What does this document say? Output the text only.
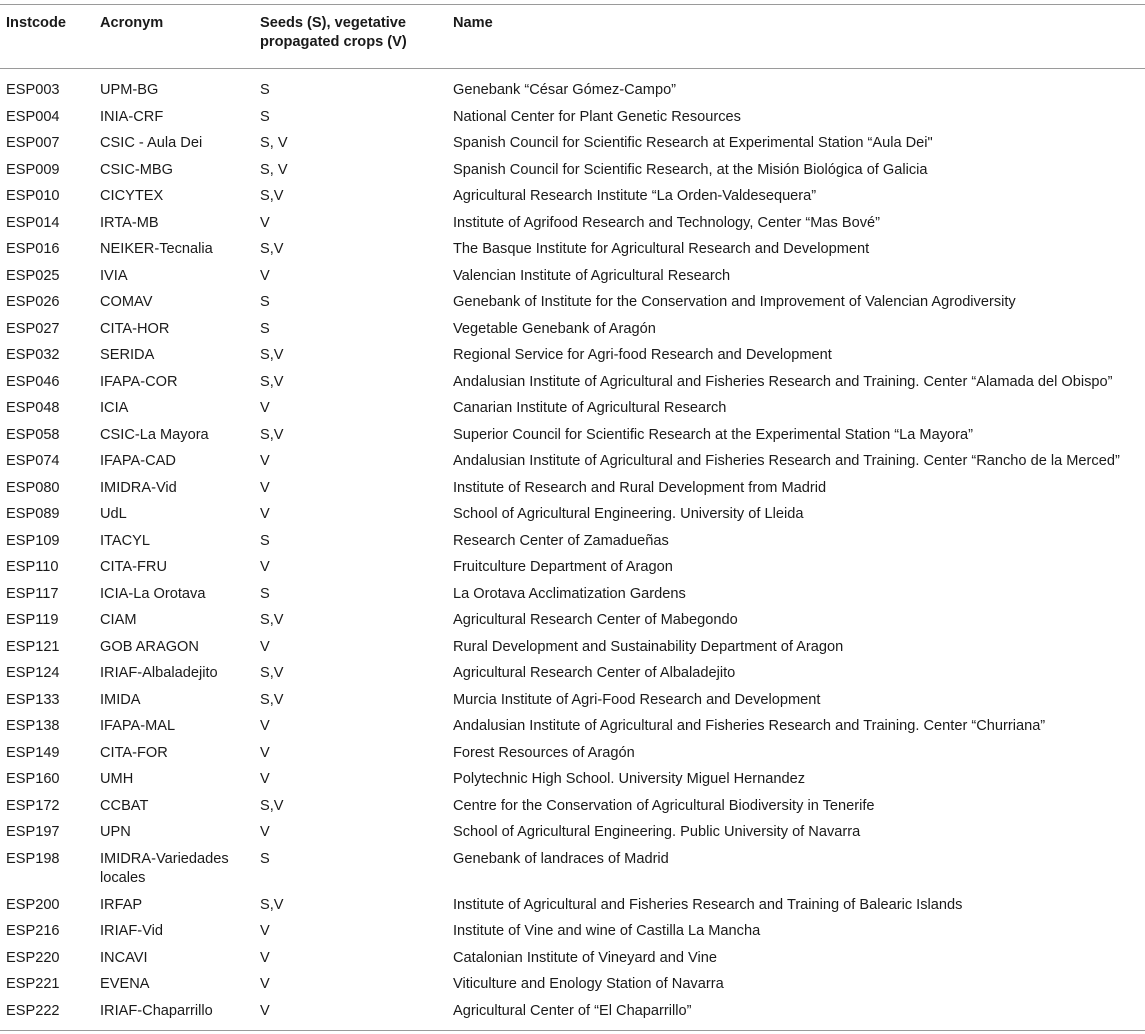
Instcode	Acronym	Seeds (S), vegetative propagated crops (V)	Name
ESP003	UPM-BG	S	Genebank “César Gómez-Campo”
ESP004	INIA-CRF	S	National Center for Plant Genetic Resources
ESP007	CSIC - Aula Dei	S, V	Spanish Council for Scientific Research at Experimental Station “Aula Dei"
ESP009	CSIC-MBG	S, V	Spanish Council for Scientific Research, at the Misión Biológica of Galicia
ESP010	CICYTEX	S,V	Agricultural Research Institute “La Orden-Valdesequera”
ESP014	IRTA-MB	V	Institute of Agrifood Research and Technology, Center “Mas Bové”
ESP016	NEIKER-Tecnalia	S,V	The Basque Institute for Agricultural Research and Development
ESP025	IVIA	V	Valencian Institute of Agricultural Research
ESP026	COMAV	S	Genebank of Institute for the Conservation and Improvement of Valencian Agrodiversity
ESP027	CITA-HOR	S	Vegetable Genebank of Aragón
ESP032	SERIDA	S,V	Regional Service for Agri-food Research and Development
ESP046	IFAPA-COR	S,V	Andalusian Institute of Agricultural and Fisheries Research and Training. Center “Alamada del Obispo”
ESP048	ICIA	V	Canarian Institute of Agricultural Research
ESP058	CSIC-La Mayora	S,V	Superior Council for Scientific Research at the Experimental Station “La Mayora”
ESP074	IFAPA-CAD	V	Andalusian Institute of Agricultural and Fisheries Research and Training. Center “Rancho de la Merced”
ESP080	IMIDRA-Vid	V	Institute of Research and Rural Development from Madrid
ESP089	UdL	V	School of Agricultural Engineering. University of Lleida
ESP109	ITACYL	S	Research Center of Zamadueñas
ESP110	CITA-FRU	V	Fruitculture Department of Aragon
ESP117	ICIA-La Orotava	S	La Orotava Acclimatization Gardens
ESP119	CIAM	S,V	Agricultural Research Center of Mabegondo
ESP121	GOB ARAGON	V	Rural Development and Sustainability Department of Aragon
ESP124	IRIAF-Albaladejito	S,V	Agricultural Research Center of Albaladejito
ESP133	IMIDA	S,V	Murcia Institute of Agri-Food Research and Development
ESP138	IFAPA-MAL	V	Andalusian Institute of Agricultural and Fisheries Research and Training. Center “Churriana”
ESP149	CITA-FOR	V	Forest Resources of Aragón
ESP160	UMH	V	Polytechnic High School. University Miguel Hernandez
ESP172	CCBAT	S,V	Centre for the Conservation of Agricultural Biodiversity in Tenerife
ESP197	UPN	V	School of Agricultural Engineering. Public University of Navarra
ESP198	IMIDRA-Variedades locales	S	Genebank of landraces of Madrid
ESP200	IRFAP	S,V	Institute of Agricultural and Fisheries Research and Training of Balearic Islands
ESP216	IRIAF-Vid	V	Institute of Vine and wine of Castilla La Mancha
ESP220	INCAVI	V	Catalonian Institute of Vineyard and Vine
ESP221	EVENA	V	Viticulture and Enology Station of Navarra
ESP222	IRIAF-Chaparrillo	V	Agricultural Center of “El Chaparrillo”
